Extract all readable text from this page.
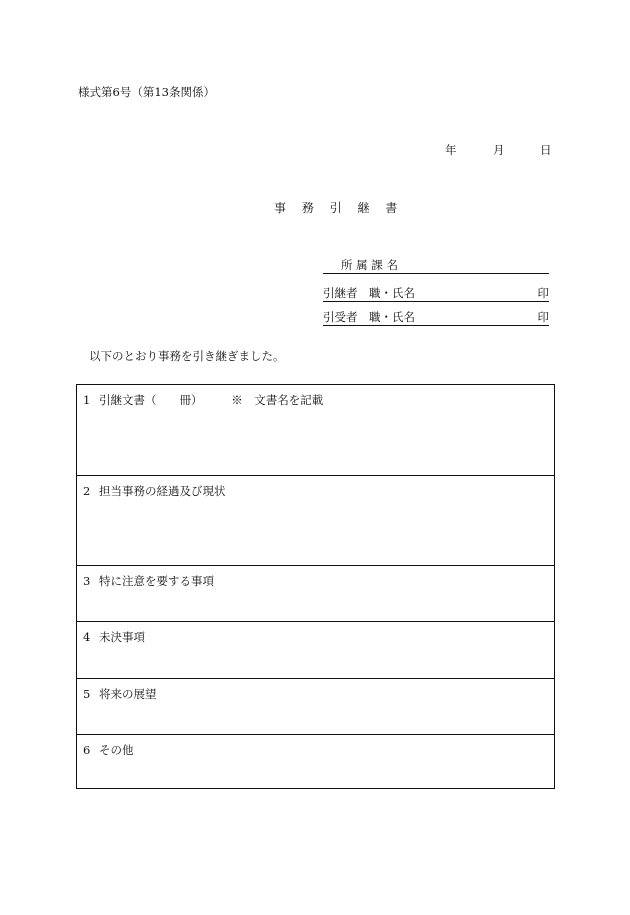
様式第6号（第13条関係）
年	月	日
事 務 引 継 書
所 属 課 名
引継者　職・氏名	印
引受者　職・氏名	印
以下のとおり事務を引き継ぎました。
1 引継文書（　　冊）　　　※　文書名を記載
2 担当事務の経過及び現状
3 特に注意を要する事項
4 未決事項
5 将来の展望
6 その他
